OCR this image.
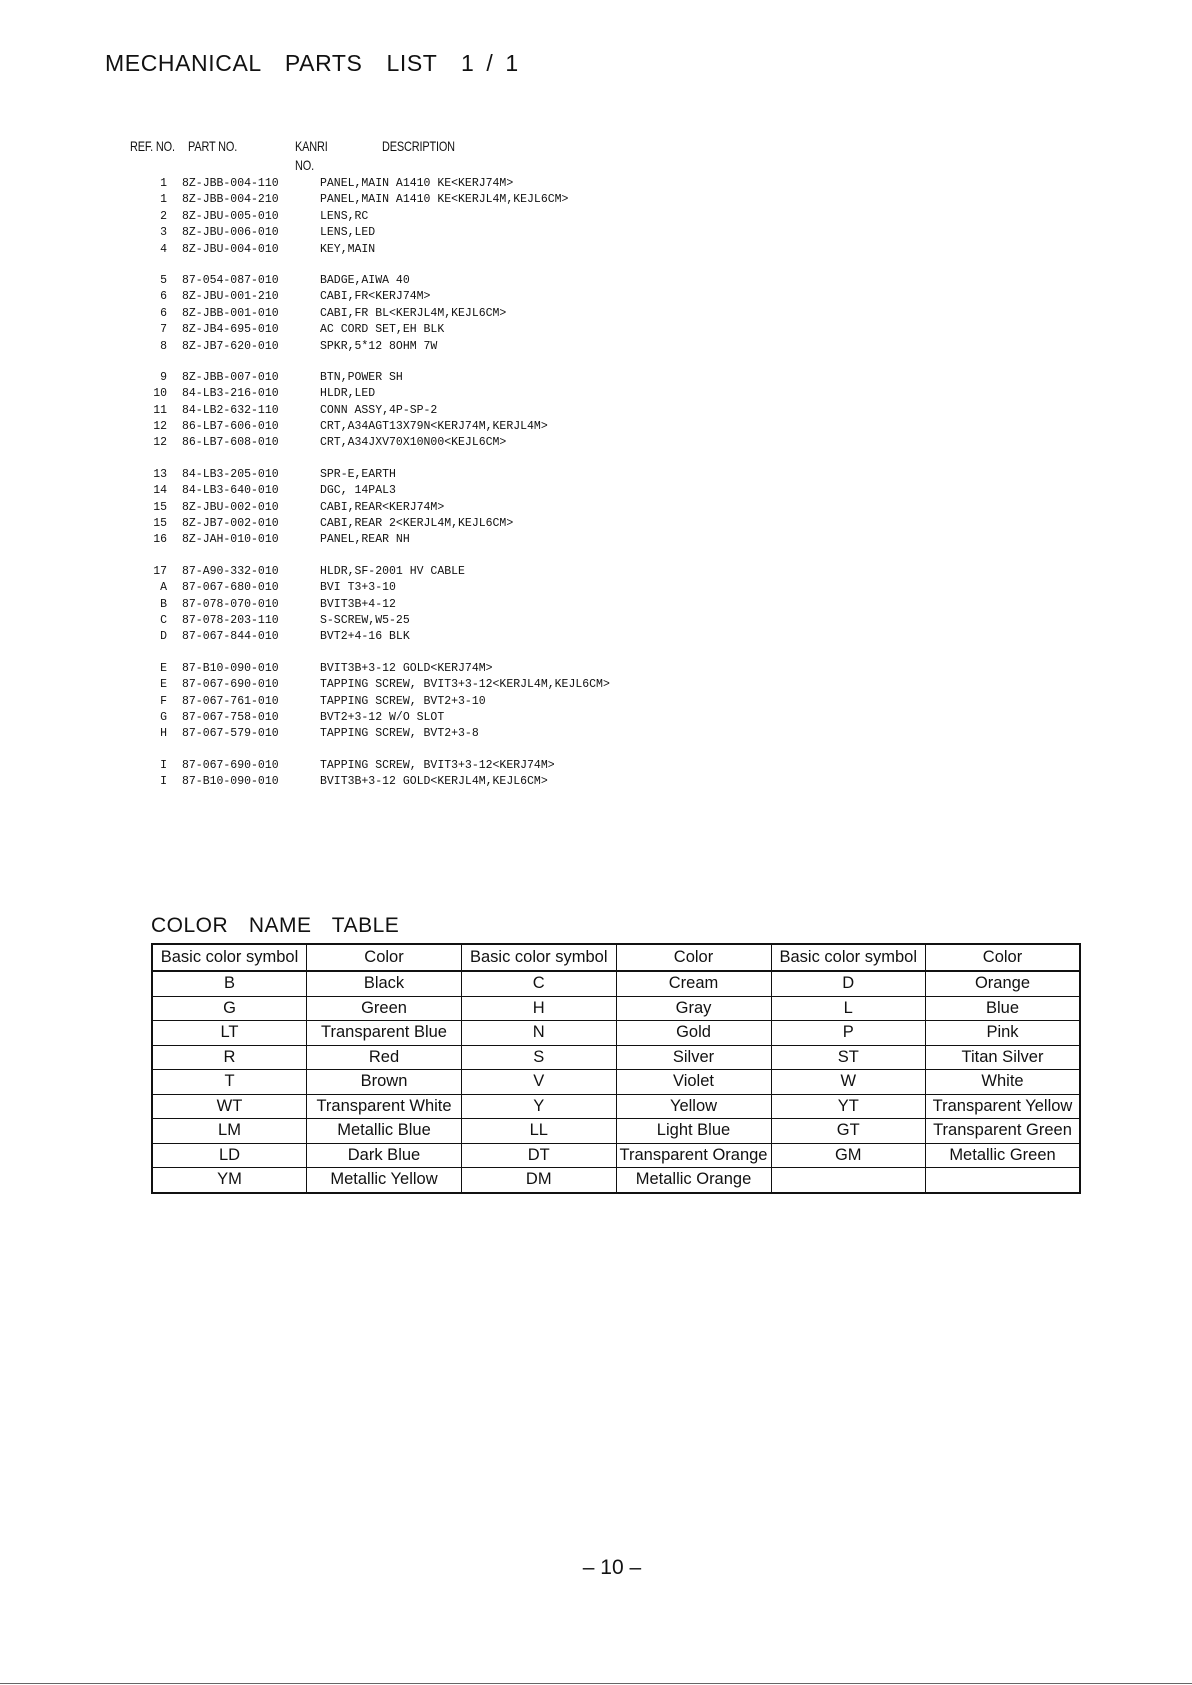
MECHANICAL  PARTS  LIST  1 / 1
REF. NO. PART NO.	KANRI
NO.
DESCRIPTION
1 8Z-JBB-004-110	PANEL,MAIN A1410 KE<KERJ74M>
1 8Z-JBB-004-210	PANEL,MAIN A1410 KE<KERJL4M,KEJL6CM>
2 8Z-JBU-005-010	LENS,RC
3 8Z-JBU-006-010	LENS,LED
4 8Z-JBU-004-010	KEY,MAIN
5 87-054-087-010	BADGE,AIWA 40
6 8Z-JBU-001-210	CABI,FR<KERJ74M>
6 8Z-JBB-001-010	CABI,FR BL<KERJL4M,KEJL6CM>
7 8Z-JB4-695-010	AC CORD SET,EH BLK
8 8Z-JB7-620-010	SPKR,5*12 8OHM 7W
9 8Z-JBB-007-010	BTN,POWER SH
10 84-LB3-216-010	HLDR,LED
11 84-LB2-632-110	CONN ASSY,4P-SP-2
12 86-LB7-606-010	CRT,A34AGT13X79N<KERJ74M,KERJL4M>
12 86-LB7-608-010	CRT,A34JXV70X10N00<KEJL6CM>
13 84-LB3-205-010	SPR-E,EARTH
14 84-LB3-640-010	DGC, 14PAL3
15 8Z-JBU-002-010	CABI,REAR<KERJ74M>
15 8Z-JB7-002-010	CABI,REAR 2<KERJL4M,KEJL6CM>
16 8Z-JAH-010-010	PANEL,REAR NH
17 87-A90-332-010	HLDR,SF-2001 HV CABLE
A 87-067-680-010	BVI T3+3-10
B 87-078-070-010	BVIT3B+4-12
C 87-078-203-110	S-SCREW,W5-25
D 87-067-844-010	BVT2+4-16 BLK
E 87-B10-090-010	BVIT3B+3-12 GOLD<KERJ74M>
E 87-067-690-010	TAPPING SCREW, BVIT3+3-12<KERJL4M,KEJL6CM>
F 87-067-761-010	TAPPING SCREW, BVT2+3-10
G 87-067-758-010	BVT2+3-12 W/O SLOT
H 87-067-579-010	TAPPING SCREW, BVT2+3-8
I 87-067-690-010	TAPPING SCREW, BVIT3+3-12<KERJ74M>
I 87-B10-090-010	BVIT3B+3-12 GOLD<KERJL4M,KEJL6CM>
COLOR  NAME  TABLE
Basic color symbol	Color	Basic color symbol	Color	Basic color symbol	Color
B	Black	C	Cream	D	Orange
G	Green	H	Gray	L	Blue
LT	Transparent Blue	N	Gold	P	Pink
R	Red	S	Silver	ST	Titan Silver
T	Brown	V	Violet	W	White
WT	Transparent White	Y	Yellow	YT	Transparent Yellow
LM	Metallic Blue	LL	Light Blue	GT	Transparent Green
LD	Dark Blue	DT	Transparent Orange	GM	Metallic Green
YM	Metallic Yellow	DM	Metallic Orange		
– 10 –
